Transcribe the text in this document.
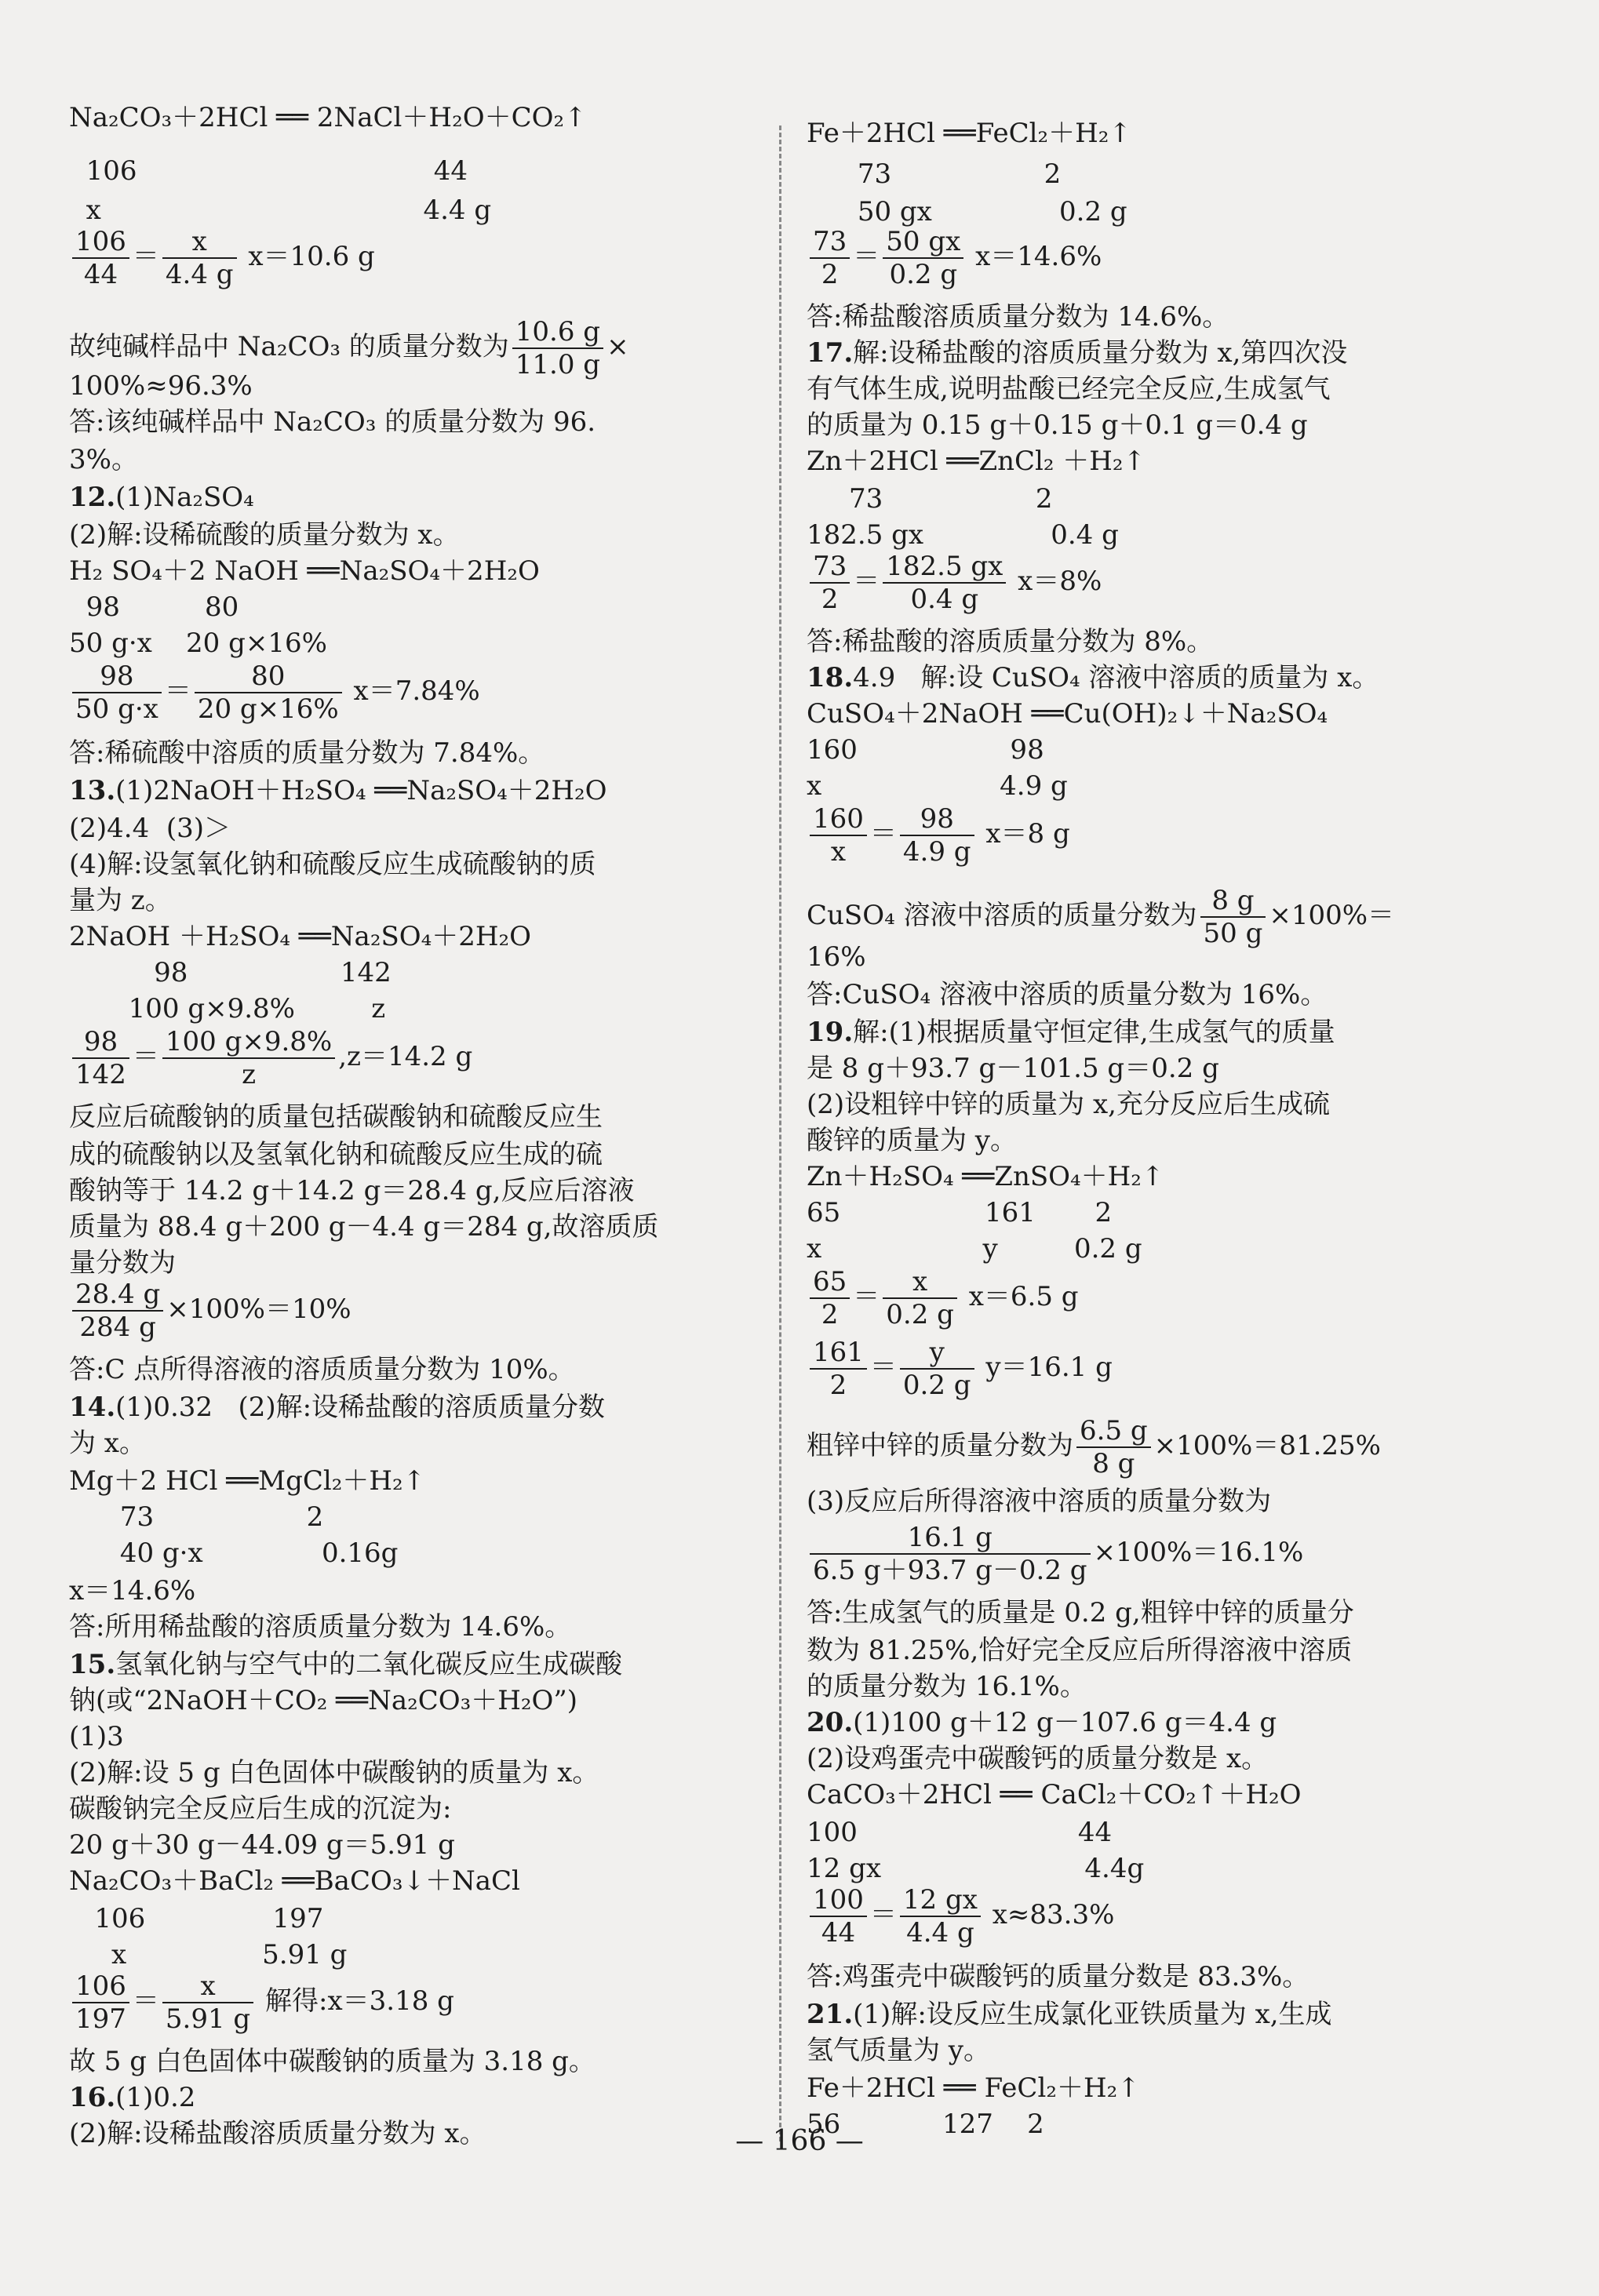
Na₂CO₃＋2HCl ══ 2NaCl＋H₂O＋CO₂↑
106                                   44
x                                      4.4 g
$\frac{106}{44} = \frac{x}{4.4 g} x=10.6$ g
故纯碱样品中 Na₂CO₃ 的质量分数为 $\frac{10.6 g}{11.0 g}$ ×
100%≈96.3%
答:该纯碱样品中 Na₂CO₃ 的质量分数为 96.
3%。
12.(1)Na₂SO₄
(2)解:设稀硫酸的质量分数为 x。
H₂ SO₄＋2 NaOH ══Na₂SO₄＋2H₂O
98          80
50 g·x    20 g×16%
$\frac{98}{50 g\cdot x} = \frac{80}{20 g\times 16\%} x=7.84\%$
答:稀硫酸中溶质的质量分数为 7.84%。
13.(1)2NaOH＋H₂SO₄ ══Na₂SO₄＋2H₂O
(2)4.4  (3)＞
(4)解:设氢氧化钠和硫酸反应生成硫酸钠的质
量为 z。
2NaOH ＋H₂SO₄ ══Na₂SO₄＋2H₂O
98                  142
100 g×9.8%         z
$\frac{98}{142} = \frac{100 g\times 9.8\%}{z} ,z=14.2$ g
反应后硫酸钠的质量包括碳酸钠和硫酸反应生
成的硫酸钠以及氢氧化钠和硫酸反应生成的硫
酸钠等于 14.2 g＋14.2 g＝28.4 g,反应后溶液
质量为 88.4 g＋200 g－4.4 g＝284 g,故溶质质
量分数为
$\frac{28.4 g}{284 g} \times 100\%=10\%$
答:C 点所得溶液的溶质质量分数为 10%。
14.(1)0.32   (2)解:设稀盐酸的溶质质量分数
为 x。
Mg＋2 HCl ══MgCl₂＋H₂↑
73                  2
40 g·x              0.16g
x＝14.6%
答:所用稀盐酸的溶质质量分数为 14.6%。
15.氢氧化钠与空气中的二氧化碳反应生成碳酸
钠(或“2NaOH＋CO₂ ══Na₂CO₃＋H₂O”)
(1)3
(2)解:设 5 g 白色固体中碳酸钠的质量为 x。
碳酸钠完全反应后生成的沉淀为:
20 g＋30 g－44.09 g＝5.91 g
Na₂CO₃＋BaCl₂ ══BaCO₃↓＋NaCl
106               197
x                5.91 g
$\frac{106}{197} = \frac{x}{5.91 g}$ 解得:x＝3.18 g
故 5 g 白色固体中碳酸钠的质量为 3.18 g。
16.(1)0.2
(2)解:设稀盐酸溶质质量分数为 x。
Fe＋2HCl ══FeCl₂＋H₂↑
73                  2
50 gx               0.2 g
$\frac{73}{2} = \frac{50 gx}{0.2 g} x=14.6\%$
答:稀盐酸溶质质量分数为 14.6%。
17.解:设稀盐酸的溶质质量分数为 x,第四次没
有气体生成,说明盐酸已经完全反应,生成氢气
的质量为 0.15 g＋0.15 g＋0.1 g＝0.4 g
Zn＋2HCl ══ZnCl₂ ＋H₂↑
73                  2
182.5 gx               0.4 g
$\frac{73}{2} = \frac{182.5 gx}{0.4 g} x=8\%$
答:稀盐酸的溶质质量分数为 8%。
18.4.9   解:设 CuSO₄ 溶液中溶质的质量为 x。
CuSO₄＋2NaOH ══Cu(OH)₂↓＋Na₂SO₄
160                  98
x                     4.9 g
$\frac{160}{x} = \frac{98}{4.9 g} x=8$ g
CuSO₄ 溶液中溶质的质量分数为 $\frac{8 g}{50 g} \times 100\%=$
16%
答:CuSO₄ 溶液中溶质的质量分数为 16%。
19.解:(1)根据质量守恒定律,生成氢气的质量
是 8 g＋93.7 g－101.5 g＝0.2 g
(2)设粗锌中锌的质量为 x,充分反应后生成硫
酸锌的质量为 y。
Zn＋H₂SO₄ ══ZnSO₄＋H₂↑
65                 161       2
x                   y         0.2 g
$\frac{65}{2} = \frac{x}{0.2 g} x=6.5$ g
$\frac{161}{2} = \frac{y}{0.2 g} y=16.1$ g
粗锌中锌的质量分数为 $\frac{6.5 g}{8 g} \times 100\%=81.25\%$
(3)反应后所得溶液中溶质的质量分数为
$\frac{16.1 g}{6.5 g+93.7 g-0.2 g} \times 100\%=16.1\%$
答:生成氢气的质量是 0.2 g,粗锌中锌的质量分
数为 81.25%,恰好完全反应后所得溶液中溶质
的质量分数为 16.1%。
20.(1)100 g＋12 g－107.6 g＝4.4 g
(2)设鸡蛋壳中碳酸钙的质量分数是 x。
CaCO₃＋2HCl ══ CaCl₂＋CO₂↑＋H₂O
100                          44
12 gx                        4.4g
$\frac{100}{44} = \frac{12 gx}{4.4 g} x\approx 83.3\%$
答:鸡蛋壳中碳酸钙的质量分数是 83.3%。
21.(1)解:设反应生成氯化亚铁质量为 x,生成
氢气质量为 y。
Fe＋2HCl ══ FeCl₂＋H₂↑
56            127    2
— 166 —
